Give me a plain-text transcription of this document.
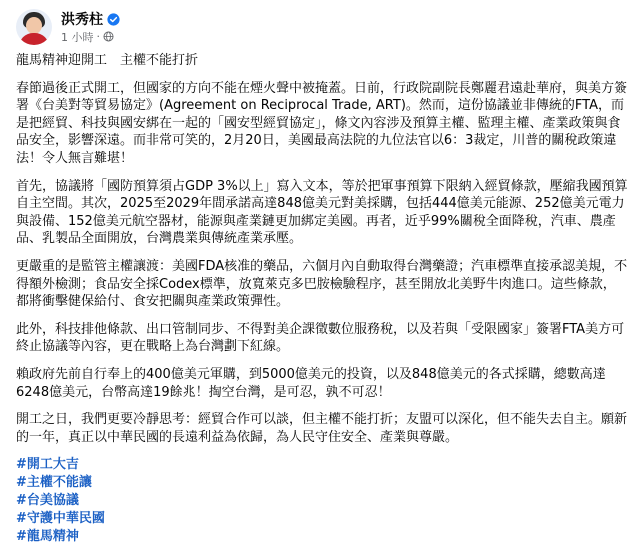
洪秀柱
1 小時 ·

龍馬精神迎開工　主權不能打折

春節過後正式開工，但國家的方向不能在煙火聲中被掩蓋。日前，行政院副院長鄭麗君遠赴華府，與美方簽署《台美對等貿易協定》(Agreement on Reciprocal Trade, ART)。然而，這份協議並非傳統的FTA，而是把經貿、科技與國安綁在一起的「國安型經貿協定」，條文內容涉及預算主權、監理主權、產業政策與食品安全，影響深遠。而非常可笑的，2月20日，美國最高法院的九位法官以6：3裁定，川普的關稅政策違法！令人無言難堪！

首先，協議將「國防預算須占GDP 3%以上」寫入文本，等於把軍事預算下限納入經貿條款，壓縮我國預算自主空間。其次，2025至2029年間承諾高達848億美元對美採購，包括444億美元能源、252億美元電力與設備、152億美元航空器材，能源與產業鏈更加綁定美國。再者，近乎99%關稅全面降稅，汽車、農產品、乳製品全面開放，台灣農業與傳統產業承壓。

更嚴重的是監管主權讓渡：美國FDA核准的藥品，六個月內自動取得台灣藥證；汽車標準直接承認美規，不得額外檢測；食品安全採Codex標準，放寬萊克多巴胺檢驗程序，甚至開放北美野牛肉進口。這些條款，都將衝擊健保給付、食安把關與產業政策彈性。

此外，科技排他條款、出口管制同步、不得對美企課徵數位服務稅，以及若與「受限國家」簽署FTA美方可終止協議等內容，更在戰略上為台灣劃下紅線。

賴政府先前自行奉上的400億美元軍購，到5000億美元的投資，以及848億美元的各式採購，總數高達6248億美元，台幣高達19餘兆！掏空台灣，是可忍，孰不可忍！

開工之日，我們更要冷靜思考：經貿合作可以談，但主權不能打折；友盟可以深化，但不能失去自主。願新的一年，真正以中華民國的長遠利益為依歸，為人民守住安全、產業與尊嚴。

#開工大吉
#主權不能讓
#台美協議
#守護中華民國
#龍馬精神
